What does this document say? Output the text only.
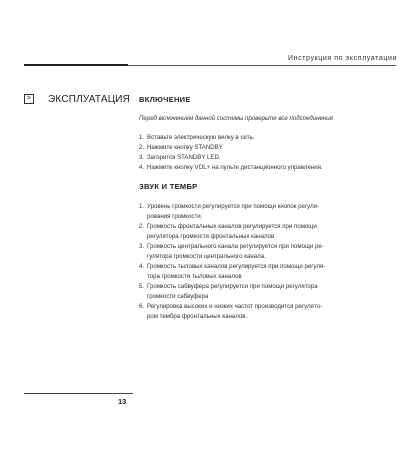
Инструкция по эксплуатации
> ЭКСПЛУАТАЦИЯ ВКЛЮЧЕНИЕ

Перед включением данной системы проверьте все подсоединения

1. Вставьте электрическую вилку в сеть.
2. Нажмите кнопку STANDBY
3. Загорится STANDBY LED.
4. Нажмите кнопку VOL+ на пульте дистанционного управления.
ЗВУК И ТЕМБР
1. Уровень громкости регулируется при помощи кнопок регули-
рования громкости.
2. Громкость фронтальных каналов регулируется при помощи
регулятора громкости фронтальных каналов
3. Громкость центрального канала регулируется при помощи ре-
гулятора громкости центрального канала.
4. Громкость тыловых каналов регулируется при помощи регуля-
тора громкости тыловых каналов
5. Громкость сабвуфера регулируется при помощи регулятора
громкости сабвуфера
6. Регулировка высоких и низких частот производится регулято-
ром тембра фронтальных каналов.
13
